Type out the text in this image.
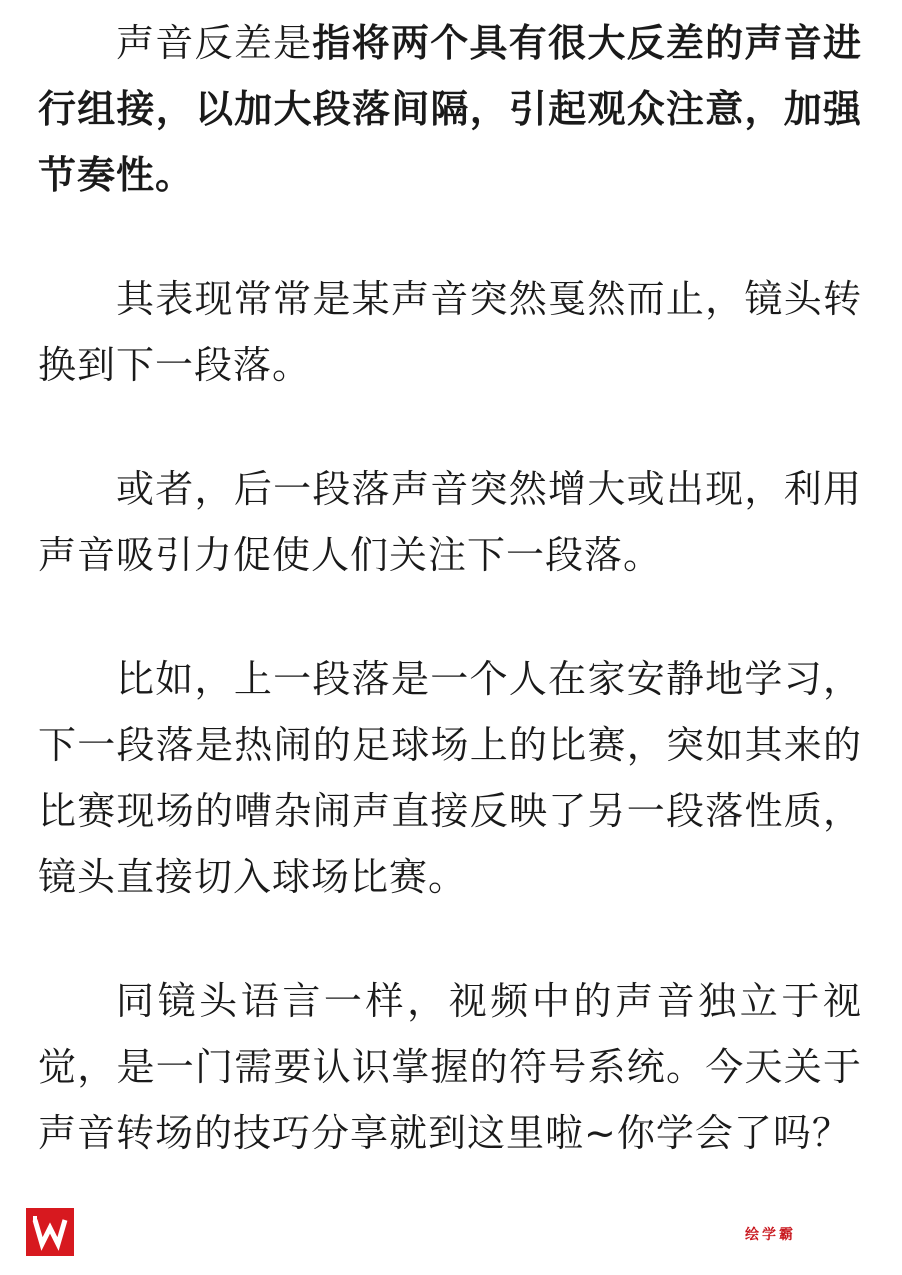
声音反差是指将两个具有很大反差的声音进行组接，以加大段落间隔，引起观众注意，加强节奏性。

其表现常常是某声音突然戛然而止，镜头转换到下一段落。

或者，后一段落声音突然增大或出现，利用声音吸引力促使人们关注下一段落。

比如，上一段落是一个人在家安静地学习，下一段落是热闹的足球场上的比赛，突如其来的比赛现场的嘈杂闹声直接反映了另一段落性质，镜头直接切入球场比赛。

同镜头语言一样，视频中的声音独立于视觉，是一门需要认识掌握的符号系统。今天关于声音转场的技巧分享就到这里啦~你学会了吗？

绘学霸
